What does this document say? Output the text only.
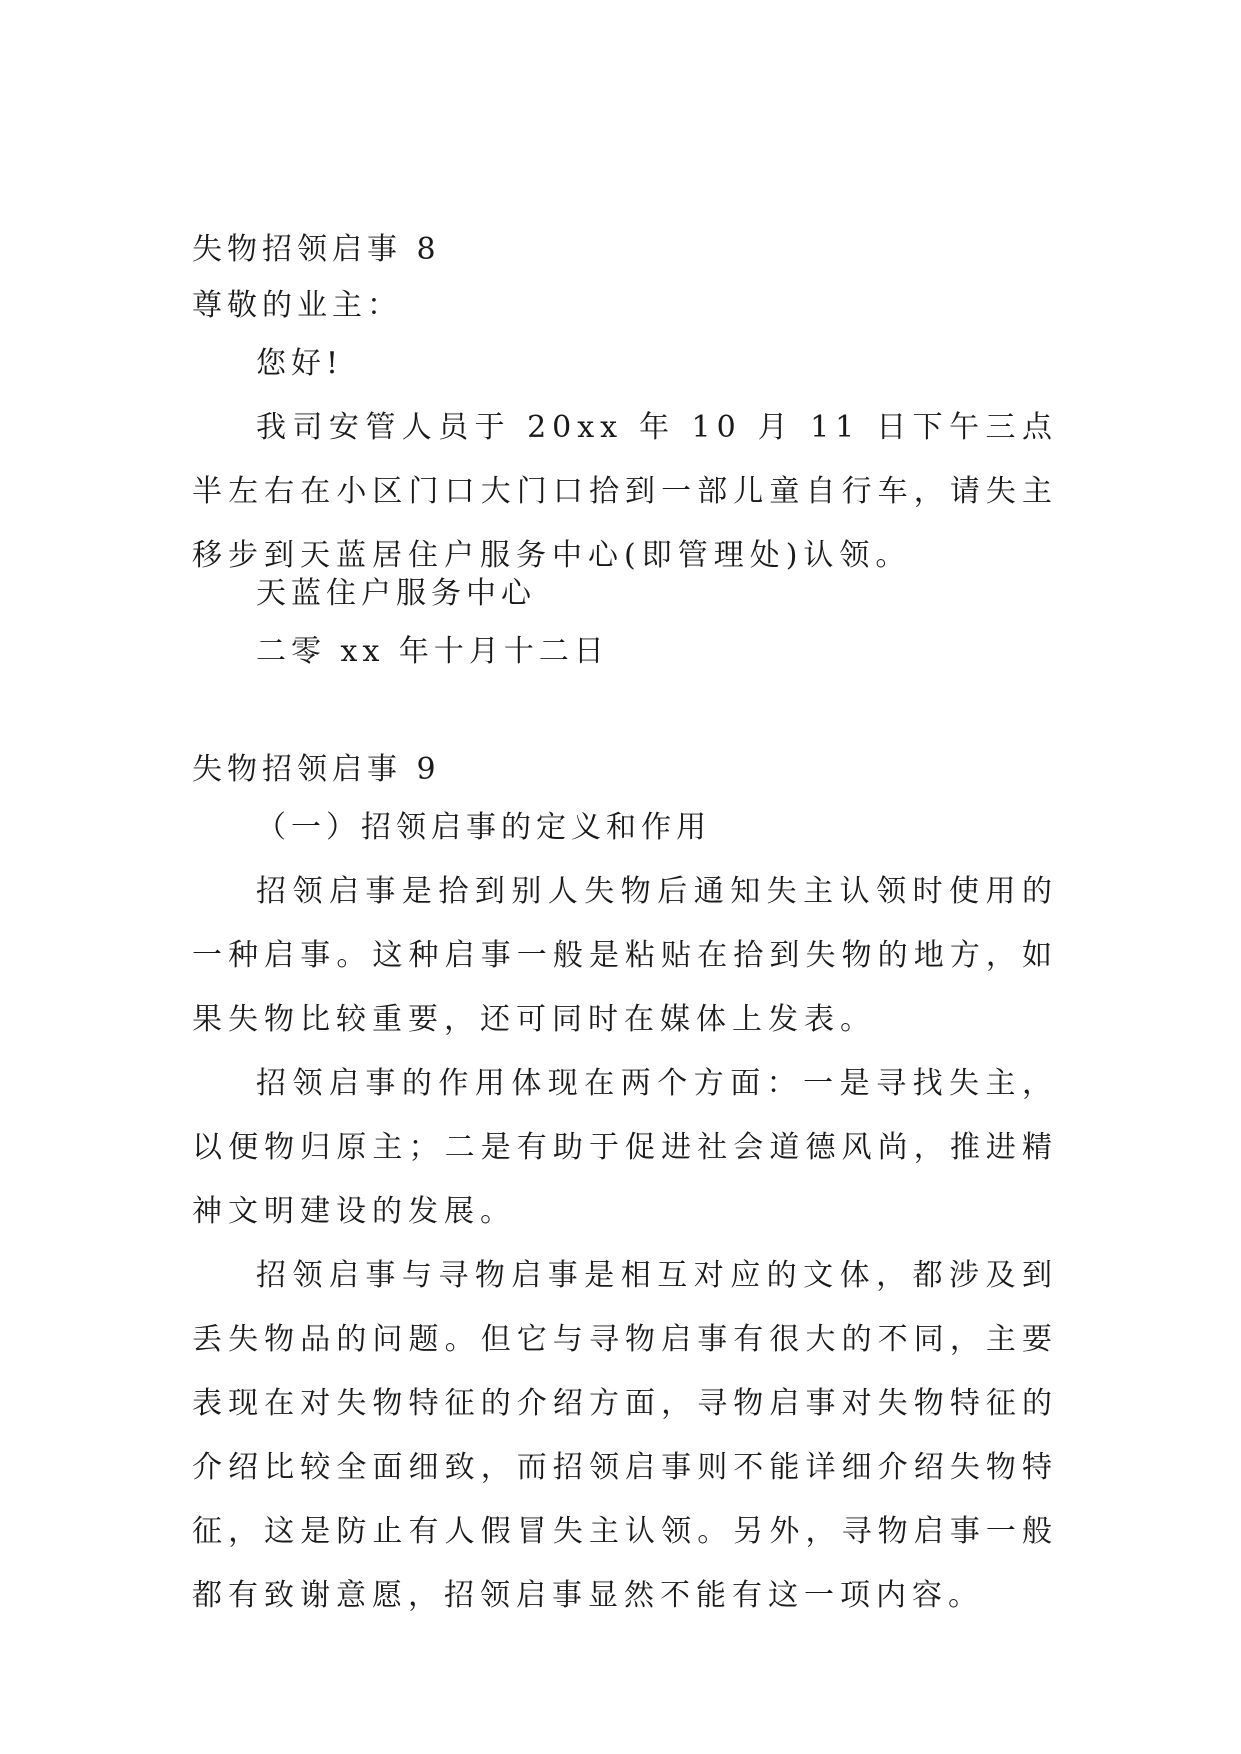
失物招领启事 8
尊敬的业主：
您好!
我司安管人员于 20xx 年 10 月 11 日下午三点半左右在小区门口大门口拾到一部儿童自行车，请失主移步到天蓝居住户服务中心(即管理处)认领。
天蓝住户服务中心
二零 xx 年十月十二日
失物招领启事 9
（一）招领启事的定义和作用
招领启事是拾到别人失物后通知失主认领时使用的一种启事。这种启事一般是粘贴在拾到失物的地方，如果失物比较重要，还可同时在媒体上发表。
招领启事的作用体现在两个方面：一是寻找失主，以便物归原主；二是有助于促进社会道德风尚，推进精神文明建设的发展。
招领启事与寻物启事是相互对应的文体，都涉及到丢失物品的问题。但它与寻物启事有很大的不同，主要表现在对失物特征的介绍方面，寻物启事对失物特征的介绍比较全面细致，而招领启事则不能详细介绍失物特征，这是防止有人假冒失主认领。另外，寻物启事一般都有致谢意愿，招领启事显然不能有这一项内容。
